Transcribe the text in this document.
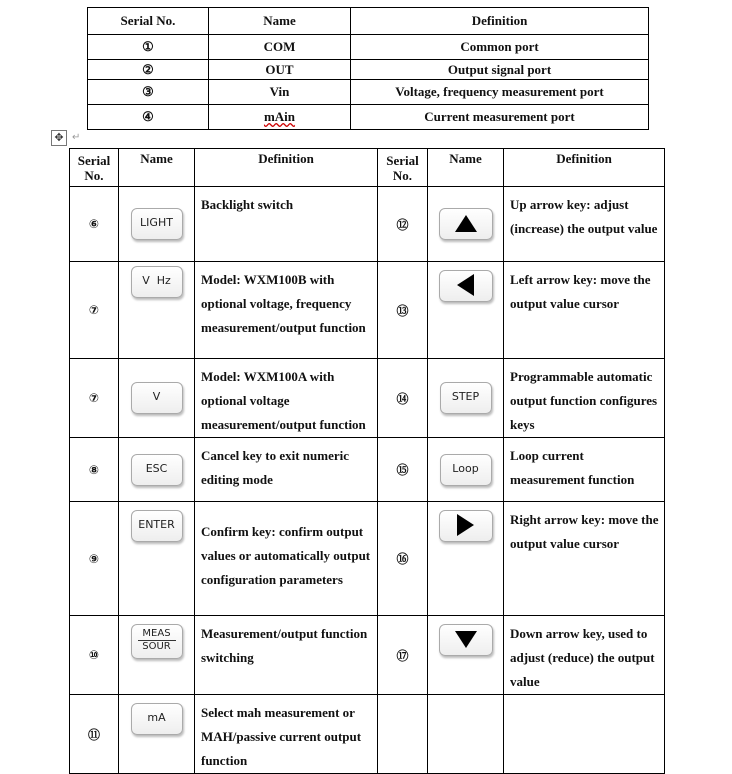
Serial No.	Name	Definition
①	COM	Common port
②	OUT	Output signal port
③	Vin	Voltage, frequency measurement port
④	mAin	Current measurement port
✥ ↵
Serial No.	Name	Definition	Serial No.	Name	Definition
⑥	LIGHT	Backlight switch	⑫		Up arrow key: adjust (increase) the output value
⑦	V  Hz	Model: WXM100B with optional voltage, frequency measurement/output function	⑬		Left arrow key: move the output value cursor
⑦	V	Model: WXM100A with optional voltage measurement/output function	⑭	STEP	Programmable automatic output function configures keys
⑧	ESC	Cancel key to exit numeric editing mode	⑮	Loop	Loop current measurement function
⑨	ENTER	Confirm key: confirm output values or automatically output configuration parameters	⑯		Right arrow key: move the output value cursor
⑩	MEAS
SOUR	Measurement/output function switching	⑰		Down arrow key, used to adjust (reduce) the output value
⑪	mA	Select mah measurement or MAH/passive current output function			
